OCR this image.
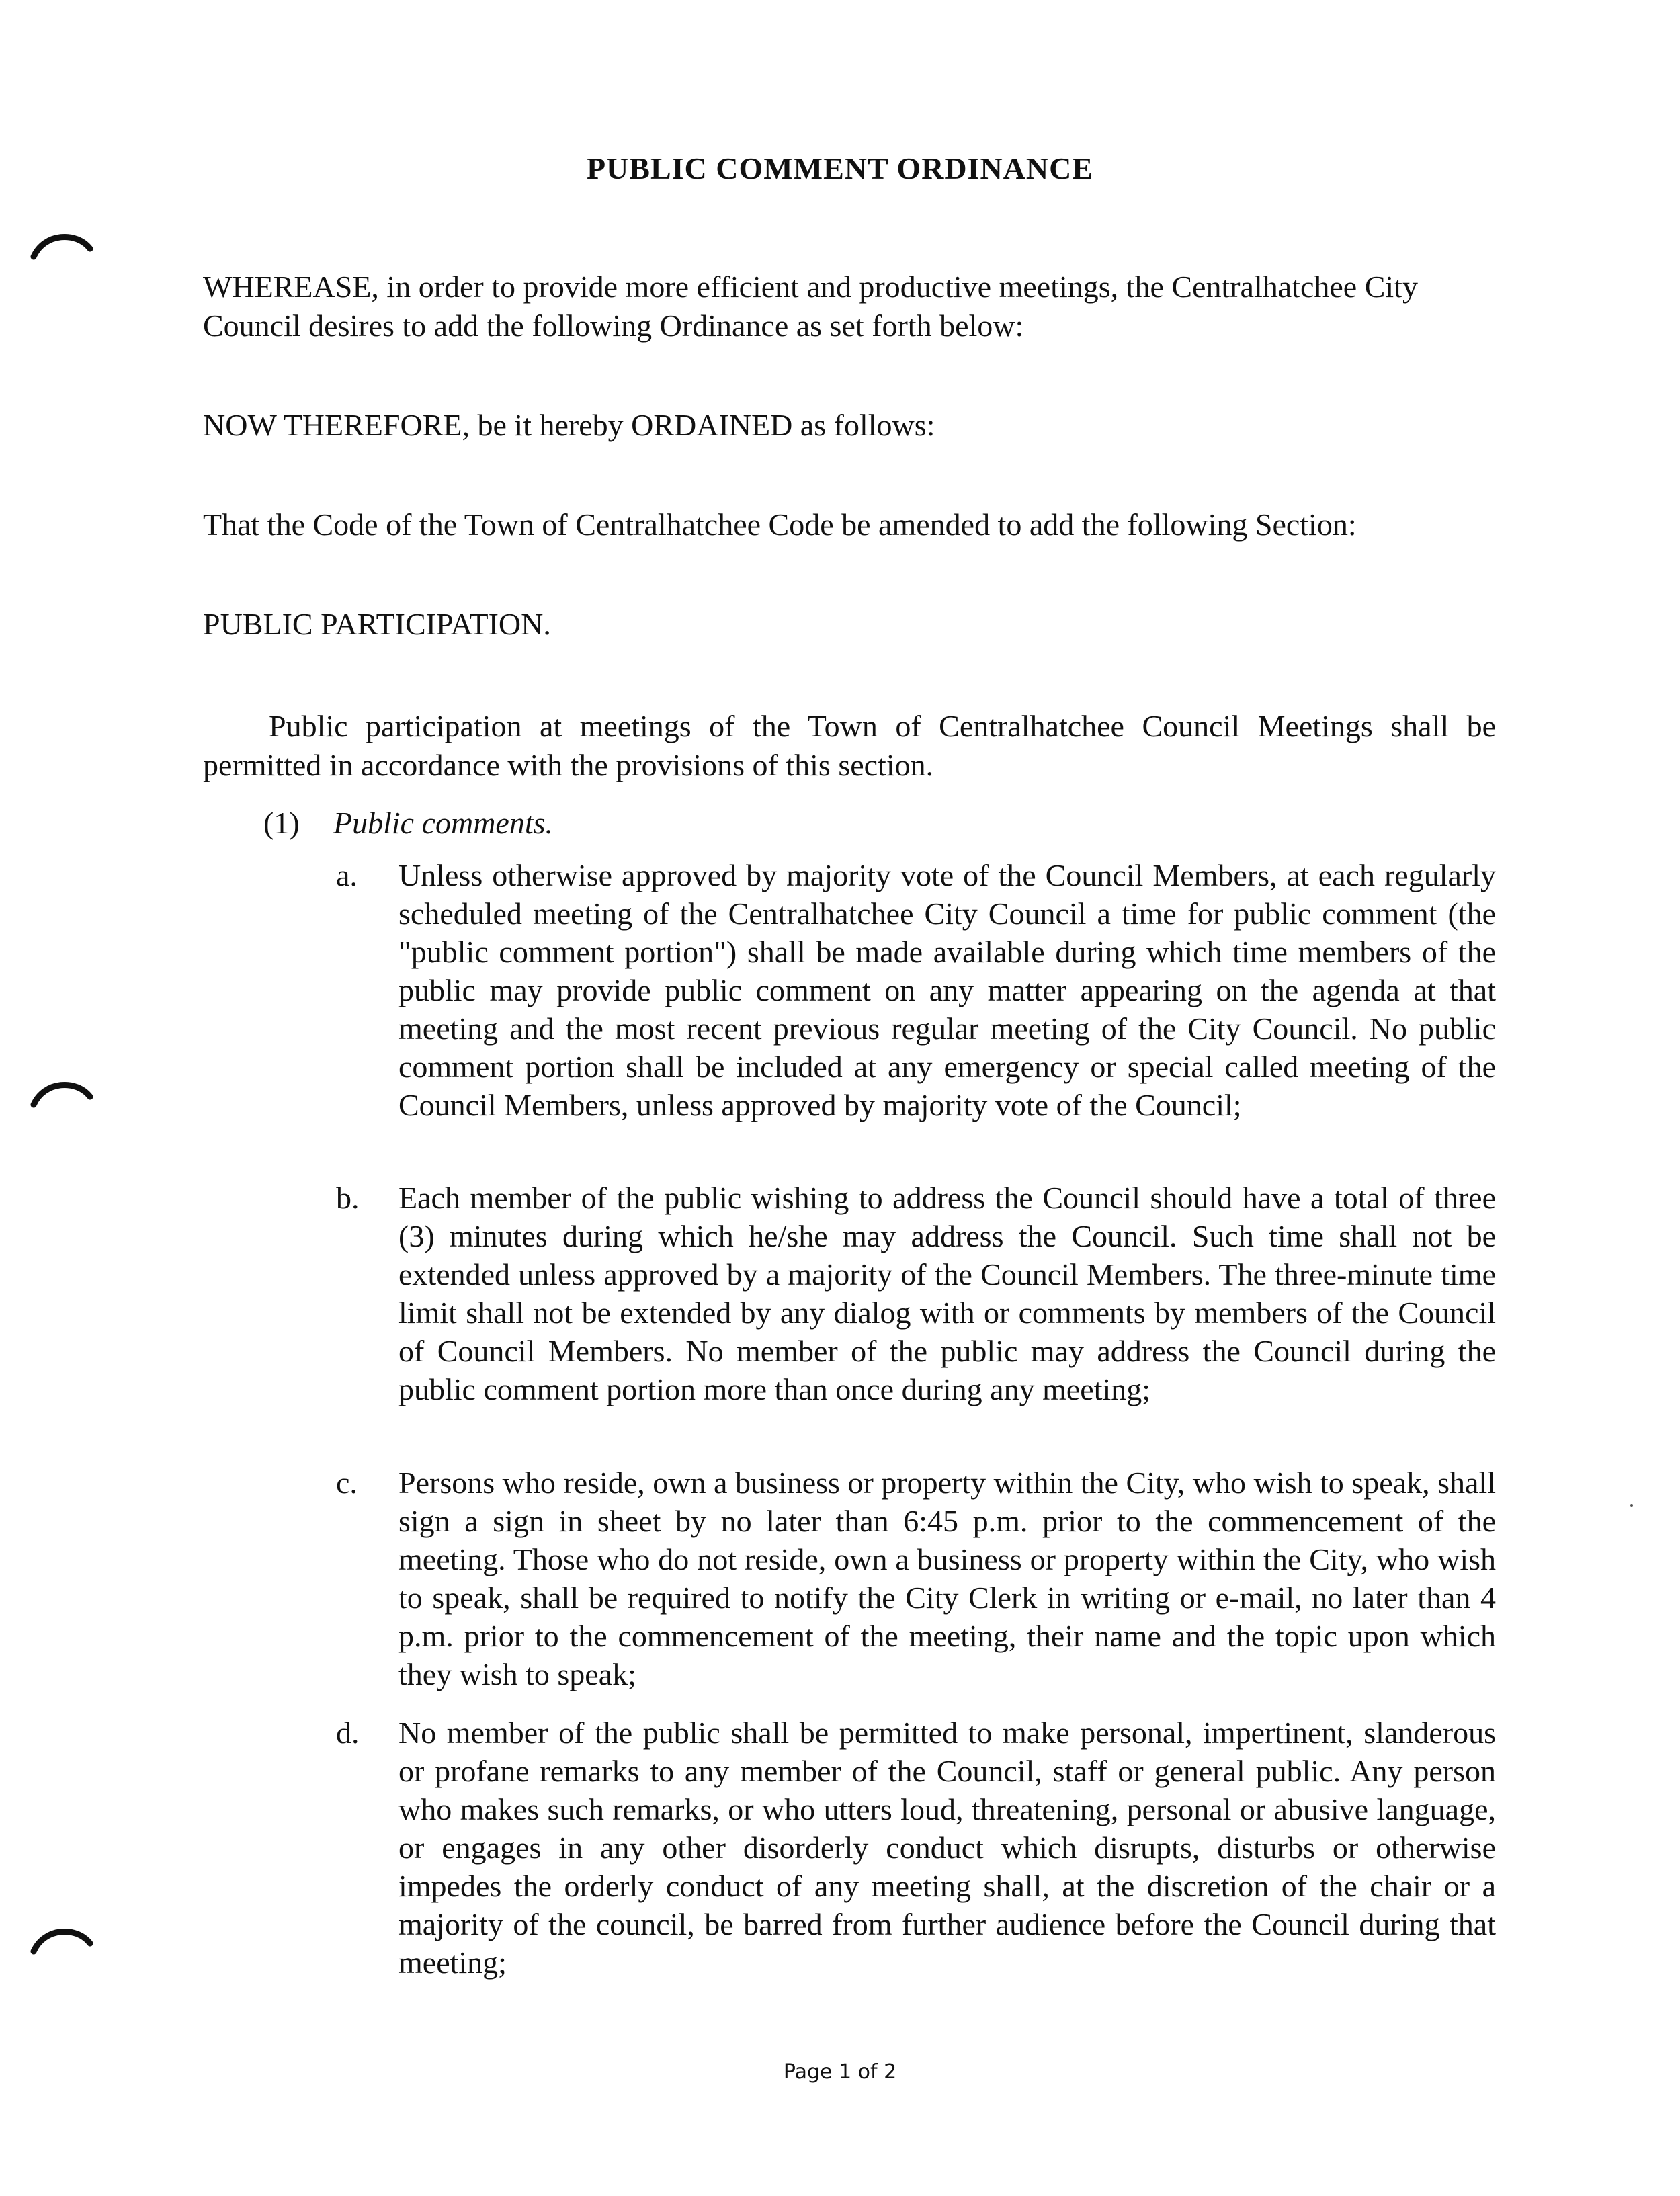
PUBLIC COMMENT ORDINANCE
WHEREASE, in order to provide more efficient and productive meetings, the Centralhatchee City Council desires to add the following Ordinance as set forth below:
NOW THEREFORE, be it hereby ORDAINED as follows:
That the Code of the Town of Centralhatchee Code be amended to add the following Section:
PUBLIC PARTICIPATION.
Public participation at meetings of the Town of Centralhatchee Council Meetings shall be permitted in accordance with the provisions of this section.
(1) Public comments.
a.	Unless otherwise approved by majority vote of the Council Members, at each regularly scheduled meeting of the Centralhatchee City Council a time for public comment (the "public comment portion") shall be made available during which time members of the public may provide public comment on any matter appearing on the agenda at that meeting and the most recent previous regular meeting of the City Council. No public comment portion shall be included at any emergency or special called meeting of the Council Members, unless approved by majority vote of the Council;
b.	Each member of the public wishing to address the Council should have a total of three (3) minutes during which he/she may address the Council. Such time shall not be extended unless approved by a majority of the Council Members. The three-minute time limit shall not be extended by any dialog with or comments by members of the Council of Council Members. No member of the public may address the Council during the public comment portion more than once during any meeting;
c.	Persons who reside, own a business or property within the City, who wish to speak, shall sign a sign in sheet by no later than 6:45 p.m. prior to the commencement of the meeting. Those who do not reside, own a business or property within the City, who wish to speak, shall be required to notify the City Clerk in writing or e-mail, no later than 4 p.m. prior to the commencement of the meeting, their name and the topic upon which they wish to speak;
d.	No member of the public shall be permitted to make personal, impertinent, slanderous or profane remarks to any member of the Council, staff or general public. Any person who makes such remarks, or who utters loud, threatening, personal or abusive language, or engages in any other disorderly conduct which disrupts, disturbs or otherwise impedes the orderly conduct of any meeting shall, at the discretion of the chair or a majority of the council, be barred from further audience before the Council during that meeting;
Page 1 of 2
